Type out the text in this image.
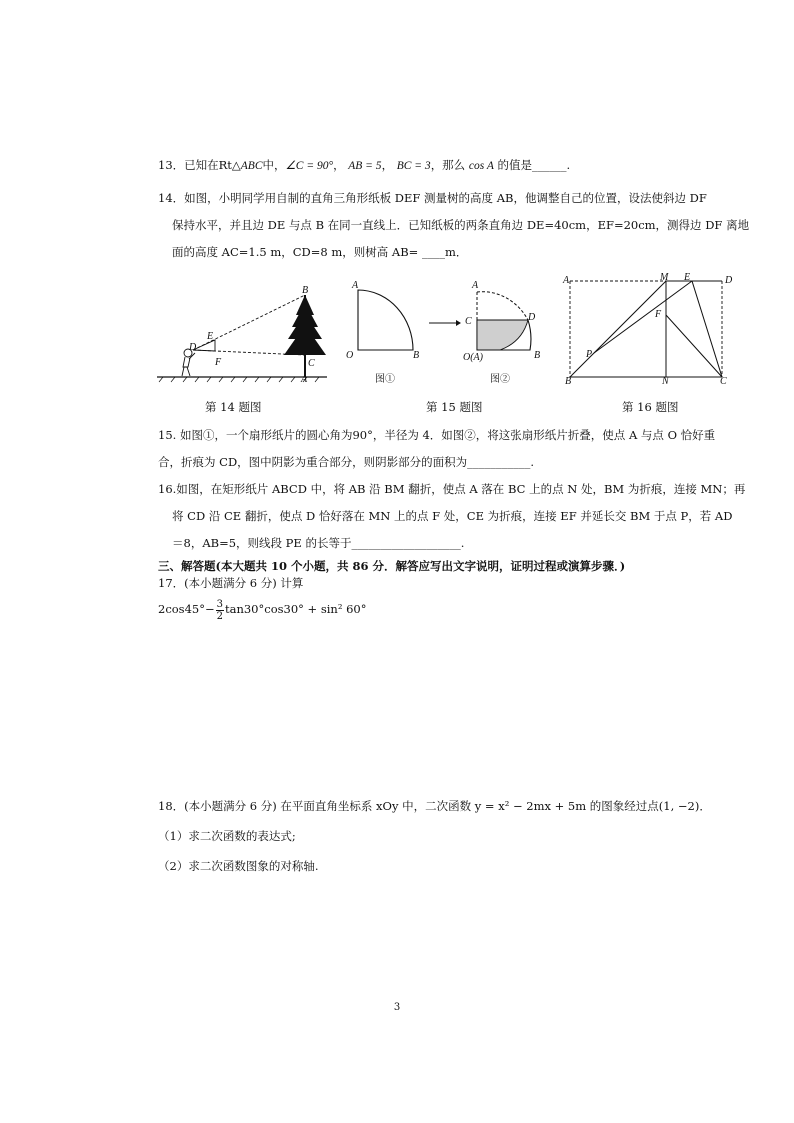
13．已知在Rt△ABC中，∠C = 90°， AB = 5， BC = 3，那么 cos A 的值是______.
14．如图，小明同学用自制的直角三角形纸板 DEF 测量树的高度 AB，他调整自己的位置，设法使斜边 DF
保持水平，并且边 DE 与点 B 在同一直线上．已知纸板的两条直角边 DE=40cm，EF=20cm，测得边 DF 离地
面的高度 AC=1.5 m，CD=8 m，则树高 AB= ____m．
B
E
D
F	C
A
A
O	B
图①
A
C	D
O(A)	B
图②
A	M E	D
F
P
B	N	C
第 14 题图	第 15 题图	第 16 题图
15. 如图①，一个扇形纸片的圆心角为90°，半径为 4．如图②，将这张扇形纸片折叠，使点 A 与点 O 恰好重
合，折痕为 CD，图中阴影为重合部分，则阴影部分的面积为___________.
16.如图，在矩形纸片 ABCD 中，将 AB 沿 BM 翻折，使点 A 落在 BC 上的点 N 处，BM 为折痕，连接 MN；再
将 CD 沿 CE 翻折，使点 D 恰好落在 MN 上的点 F 处，CE 为折痕，连接 EF 并延长交 BM 于点 P，若 AD
＝8，AB=5，则线段 PE 的长等于___________________.
三、解答题(本大题共 10 个小题，共 86 分．解答应写出文字说明，证明过程或演算步骤．)
17．(本小题满分 6 分) 计算
$2\cos 45^\circ- \frac{3}{2} \tan 30^\circ\cos 30^\circ + \sin^2$ 60°
18．(本小题满分 6 分) 在平面直角坐标系 xOy 中，二次函数 y = x² − 2mx + 5m 的图象经过点(1, −2)．
（1）求二次函数的表达式;
（2）求二次函数图象的对称轴.
3
